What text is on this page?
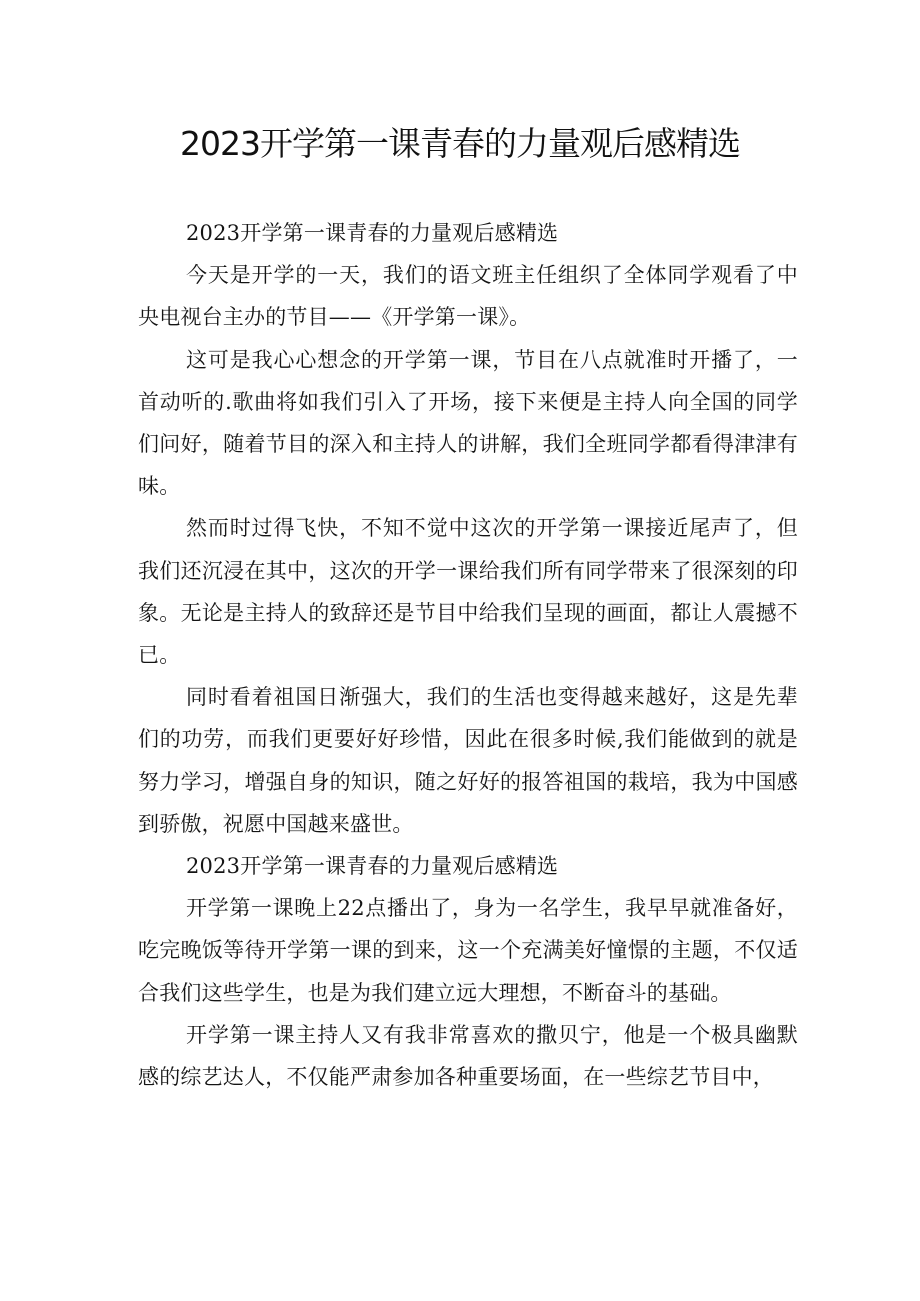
2023开学第一课青春的力量观后感精选

2023开学第一课青春的力量观后感精选

今天是开学的一天，我们的语文班主任组织了全体同学观看了中央电视台主办的节目——《开学第一课》。

这可是我心心想念的开学第一课，节目在八点就准时开播了，一首动听的.歌曲将如我们引入了开场，接下来便是主持人向全国的同学们问好，随着节目的深入和主持人的讲解，我们全班同学都看得津津有味。

然而时过得飞快，不知不觉中这次的开学第一课接近尾声了，但我们还沉浸在其中，这次的开学一课给我们所有同学带来了很深刻的印象。无论是主持人的致辞还是节目中给我们呈现的画面，都让人震撼不已。

同时看着祖国日渐强大，我们的生活也变得越来越好，这是先辈们的功劳，而我们更要好好珍惜，因此在很多时候,我们能做到的就是努力学习，增强自身的知识，随之好好的报答祖国的栽培，我为中国感到骄傲，祝愿中国越来盛世。

2023开学第一课青春的力量观后感精选

开学第一课晚上22点播出了，身为一名学生，我早早就准备好，吃完晚饭等待开学第一课的到来，这一个充满美好憧憬的主题，不仅适合我们这些学生，也是为我们建立远大理想，不断奋斗的基础。

开学第一课主持人又有我非常喜欢的撒贝宁，他是一个极具幽默感的综艺达人，不仅能严肃参加各种重要场面，在一些综艺节目中，
